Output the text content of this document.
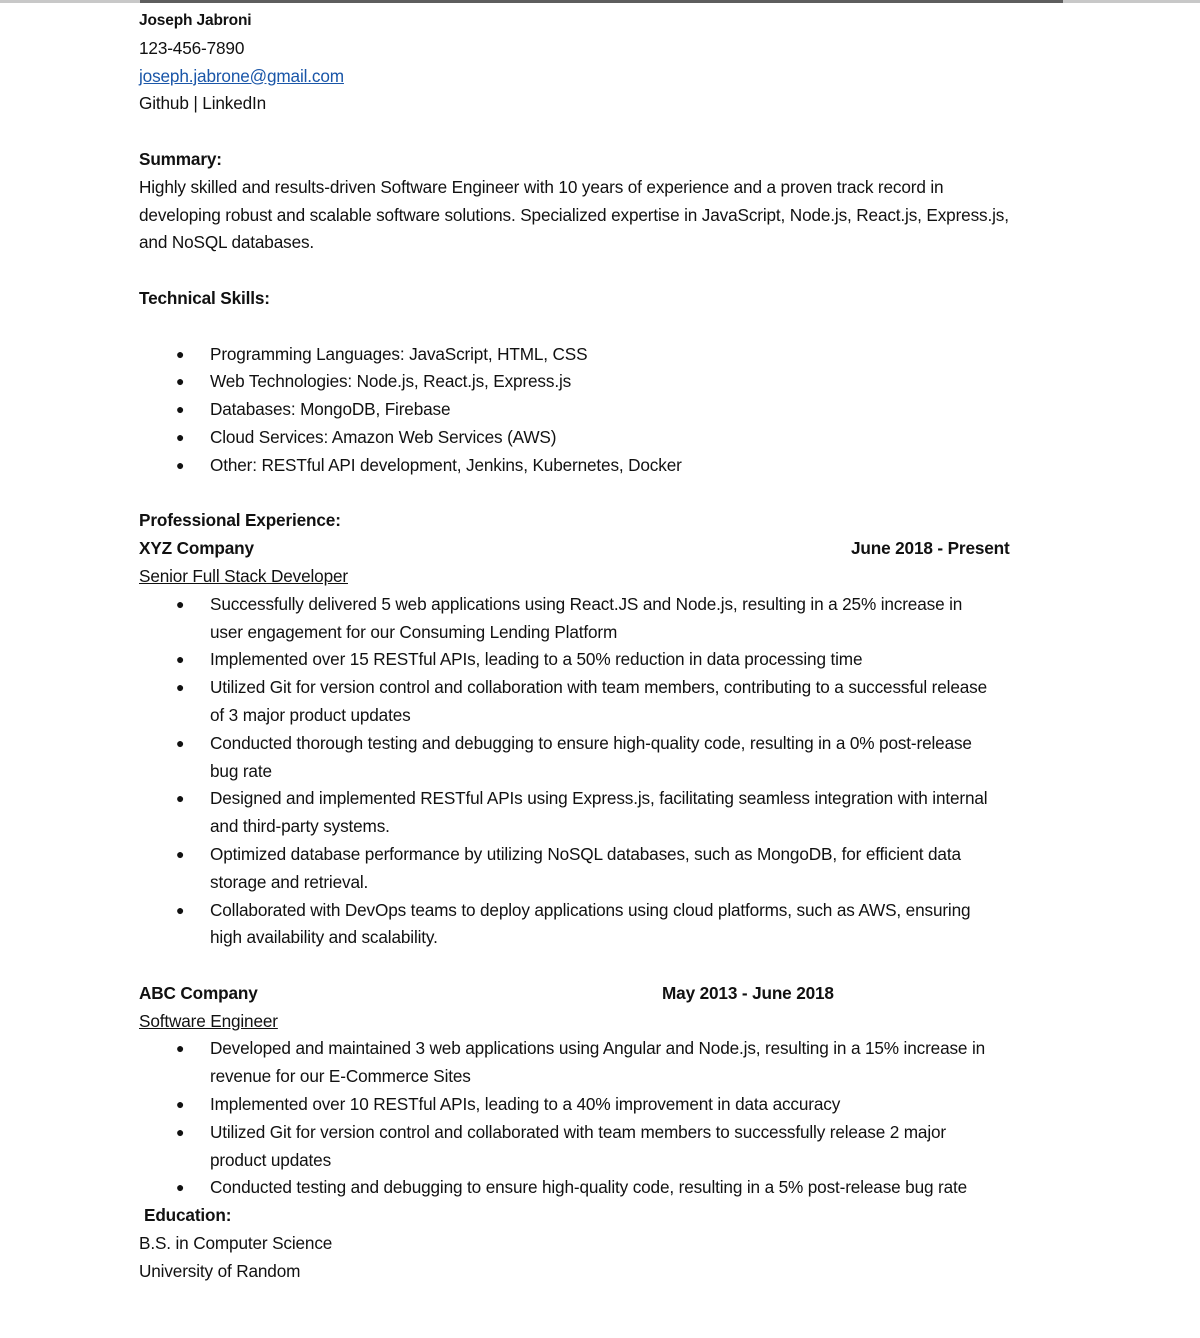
Joseph Jabroni
123-456-7890
joseph.jabrone@gmail.com
Github | LinkedIn
Summary:
Highly skilled and results-driven Software Engineer with 10 years of experience and a proven track record in
developing robust and scalable software solutions. Specialized expertise in JavaScript, Node.js, React.js, Express.js,
and NoSQL databases.
Technical Skills:
● Programming Languages: JavaScript, HTML, CSS
● Web Technologies: Node.js, React.js, Express.js
● Databases: MongoDB, Firebase
● Cloud Services: Amazon Web Services (AWS)
● Other: RESTful API development, Jenkins, Kubernetes, Docker
Professional Experience:
XYZ Company	June 2018 - Present
Senior Full Stack Developer
● Successfully delivered 5 web applications using React.JS and Node.js, resulting in a 25% increase in user engagement for our Consuming Lending Platform
● Implemented over 15 RESTful APIs, leading to a 50% reduction in data processing time
● Utilized Git for version control and collaboration with team members, contributing to a successful release of 3 major product updates
● Conducted thorough testing and debugging to ensure high-quality code, resulting in a 0% post-release bug rate
● Designed and implemented RESTful APIs using Express.js, facilitating seamless integration with internal and third-party systems.
● Optimized database performance by utilizing NoSQL databases, such as MongoDB, for efficient data storage and retrieval.
● Collaborated with DevOps teams to deploy applications using cloud platforms, such as AWS, ensuring high availability and scalability.
ABC Company	May 2013 - June 2018
Software Engineer
● Developed and maintained 3 web applications using Angular and Node.js, resulting in a 15% increase in revenue for our E-Commerce Sites
● Implemented over 10 RESTful APIs, leading to a 40% improvement in data accuracy
● Utilized Git for version control and collaborated with team members to successfully release 2 major product updates
● Conducted testing and debugging to ensure high-quality code, resulting in a 5% post-release bug rate
Education:
B.S. in Computer Science
University of Random
